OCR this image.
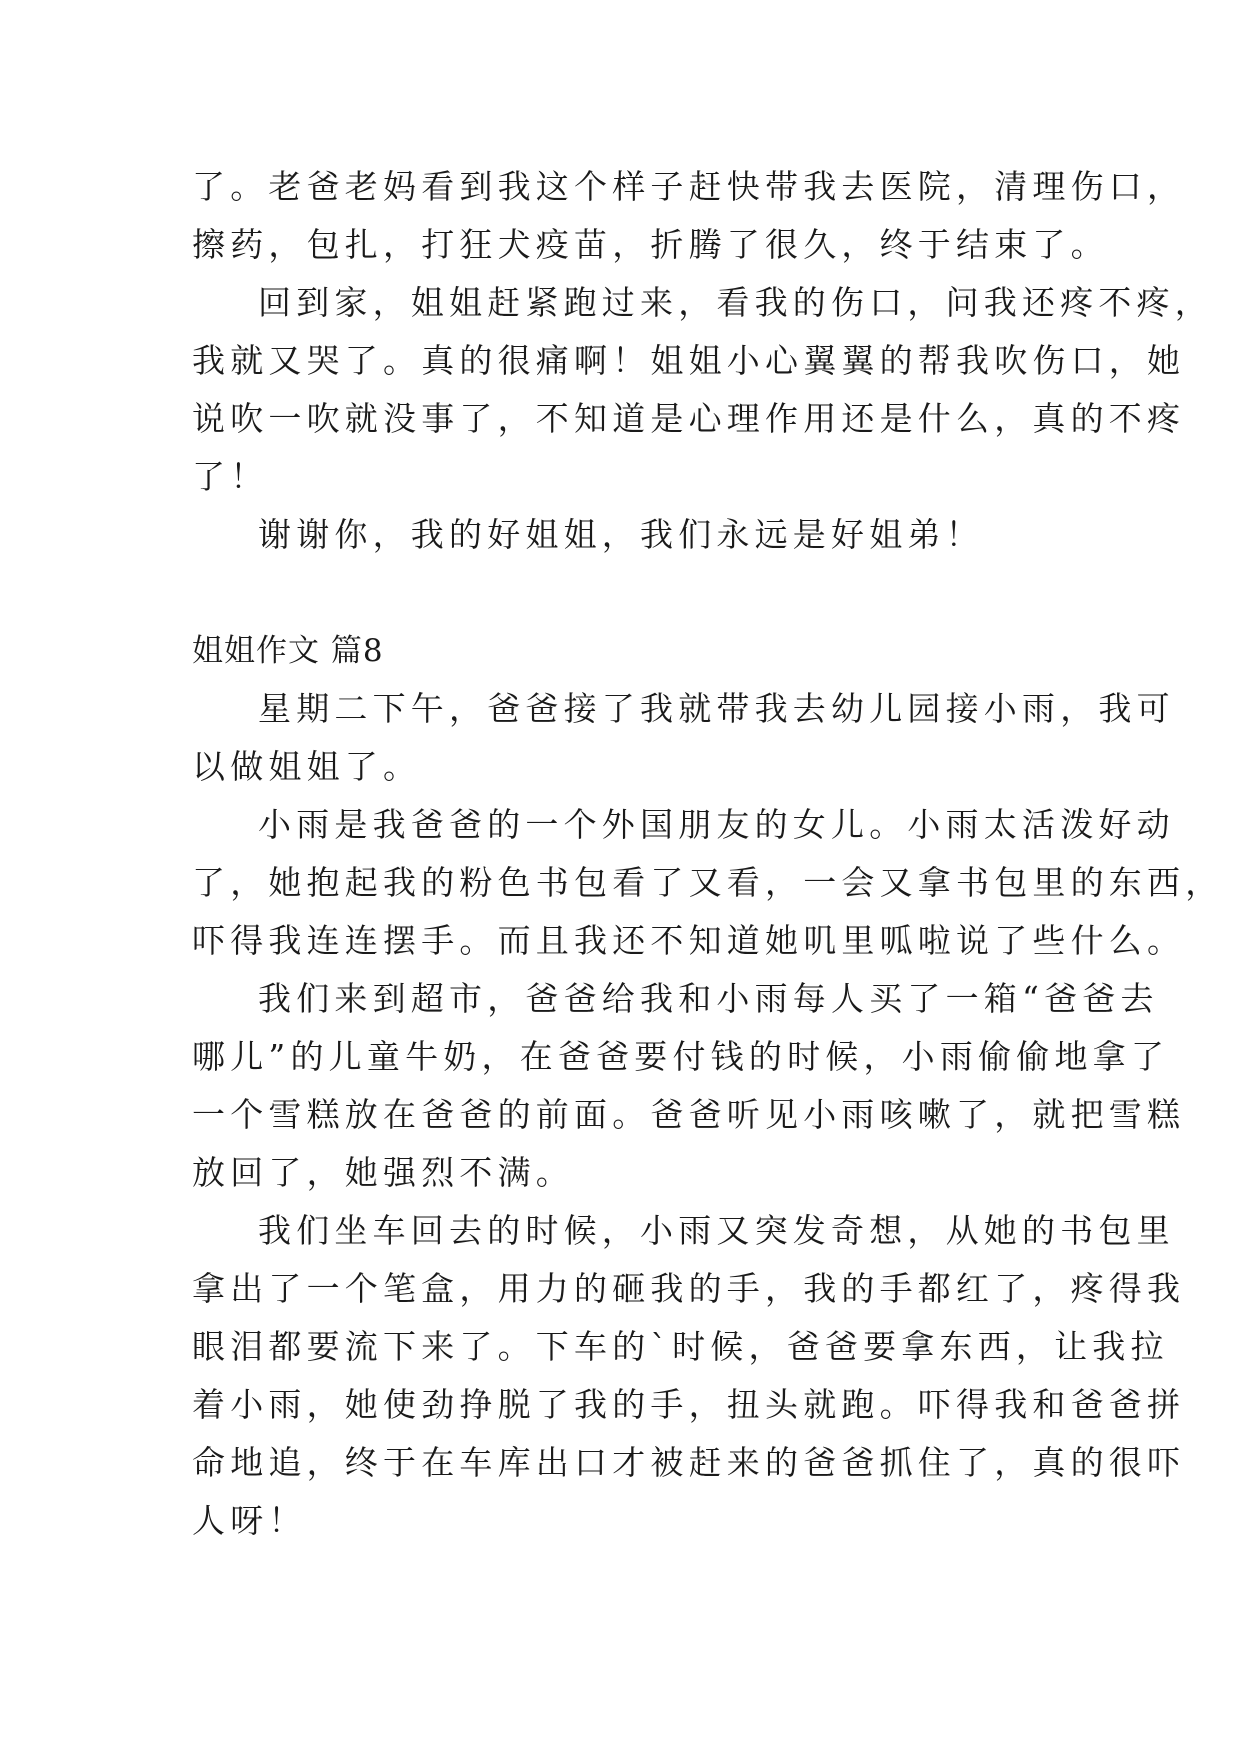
了。老爸老妈看到我这个样子赶快带我去医院，清理伤口，
擦药，包扎，打狂犬疫苗，折腾了很久，终于结束了。
回到家，姐姐赶紧跑过来，看我的伤口，问我还疼不疼，
我就又哭了。真的很痛啊！姐姐小心翼翼的帮我吹伤口，她
说吹一吹就没事了，不知道是心理作用还是什么，真的不疼
了！
谢谢你，我的好姐姐，我们永远是好姐弟！
姐姐作文 篇8
星期二下午，爸爸接了我就带我去幼儿园接小雨，我可
以做姐姐了。
小雨是我爸爸的一个外国朋友的女儿。小雨太活泼好动
了，她抱起我的粉色书包看了又看，一会又拿书包里的东西，
吓得我连连摆手。而且我还不知道她叽里呱啦说了些什么。
我们来到超市，爸爸给我和小雨每人买了一箱“爸爸去
哪儿”的儿童牛奶，在爸爸要付钱的时候，小雨偷偷地拿了
一个雪糕放在爸爸的前面。爸爸听见小雨咳嗽了，就把雪糕
放回了，她强烈不满。
我们坐车回去的时候，小雨又突发奇想，从她的书包里
拿出了一个笔盒，用力的砸我的手，我的手都红了，疼得我
眼泪都要流下来了。下车的`时候，爸爸要拿东西，让我拉
着小雨，她使劲挣脱了我的手，扭头就跑。吓得我和爸爸拼
命地追，终于在车库出口才被赶来的爸爸抓住了，真的很吓
人呀！
